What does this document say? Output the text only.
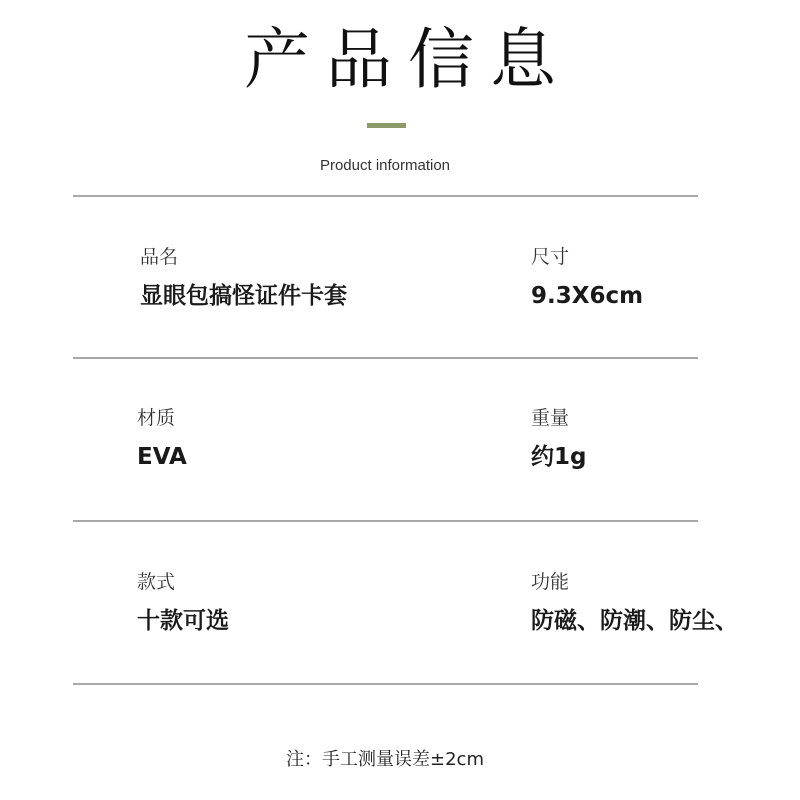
产品信息
Product information
品名
显眼包搞怪证件卡套
尺寸
9.3X6cm
材质
EVA
重量
约1g
款式
十款可选
功能
防磁、防潮、防尘、
注：手工测量误差±2cm
